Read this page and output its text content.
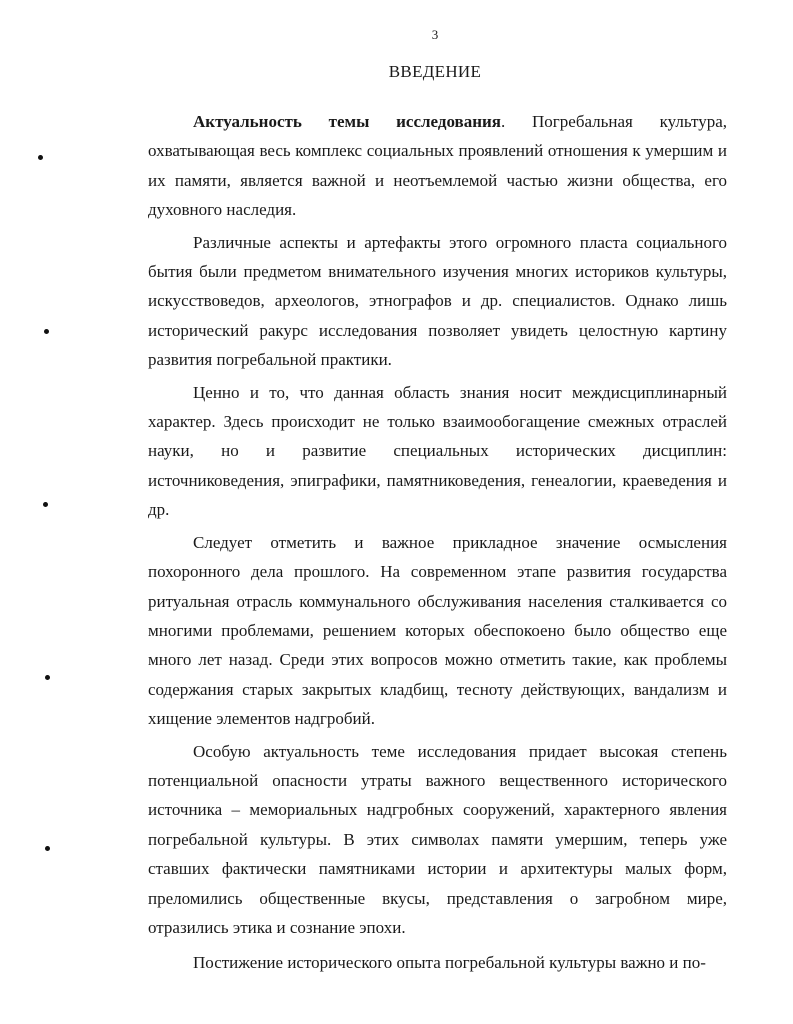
3
ВВЕДЕНИЕ

Актуальность темы исследования. Погребальная культура, охватывающая весь комплекс социальных проявлений отношения к умершим и их памяти, является важной и неотъемлемой частью жизни общества, его духовного наследия.

Различные аспекты и артефакты этого огромного пласта социального бытия были предметом внимательного изучения многих историков культуры, искусствоведов, археологов, этнографов и др. специалистов. Однако лишь исторический ракурс исследования позволяет увидеть целостную картину развития погребальной практики.

Ценно и то, что данная область знания носит междисциплинарный характер. Здесь происходит не только взаимообогащение смежных отраслей науки, но и развитие специальных исторических дисциплин: источниковедения, эпиграфики, памятниковедения, генеалогии, краеведения и др.

Следует отметить и важное прикладное значение осмысления похоронного дела прошлого. На современном этапе развития государства ритуальная отрасль коммунального обслуживания населения сталкивается со многими проблемами, решением которых обеспокоено было общество еще много лет назад. Среди этих вопросов можно отметить такие, как проблемы содержания старых закрытых кладбищ, тесноту действующих, вандализм и хищение элементов надгробий.

Особую актуальность теме исследования придает высокая степень потенциальной опасности утраты важного вещественного исторического источника – мемориальных надгробных сооружений, характерного явления погребальной культуры. В этих символах памяти умершим, теперь уже ставших фактически памятниками истории и архитектуры малых форм, преломились общественные вкусы, представления о загробном мире, отразились этика и сознание эпохи.

Постижение исторического опыта погребальной культуры важно и по-
